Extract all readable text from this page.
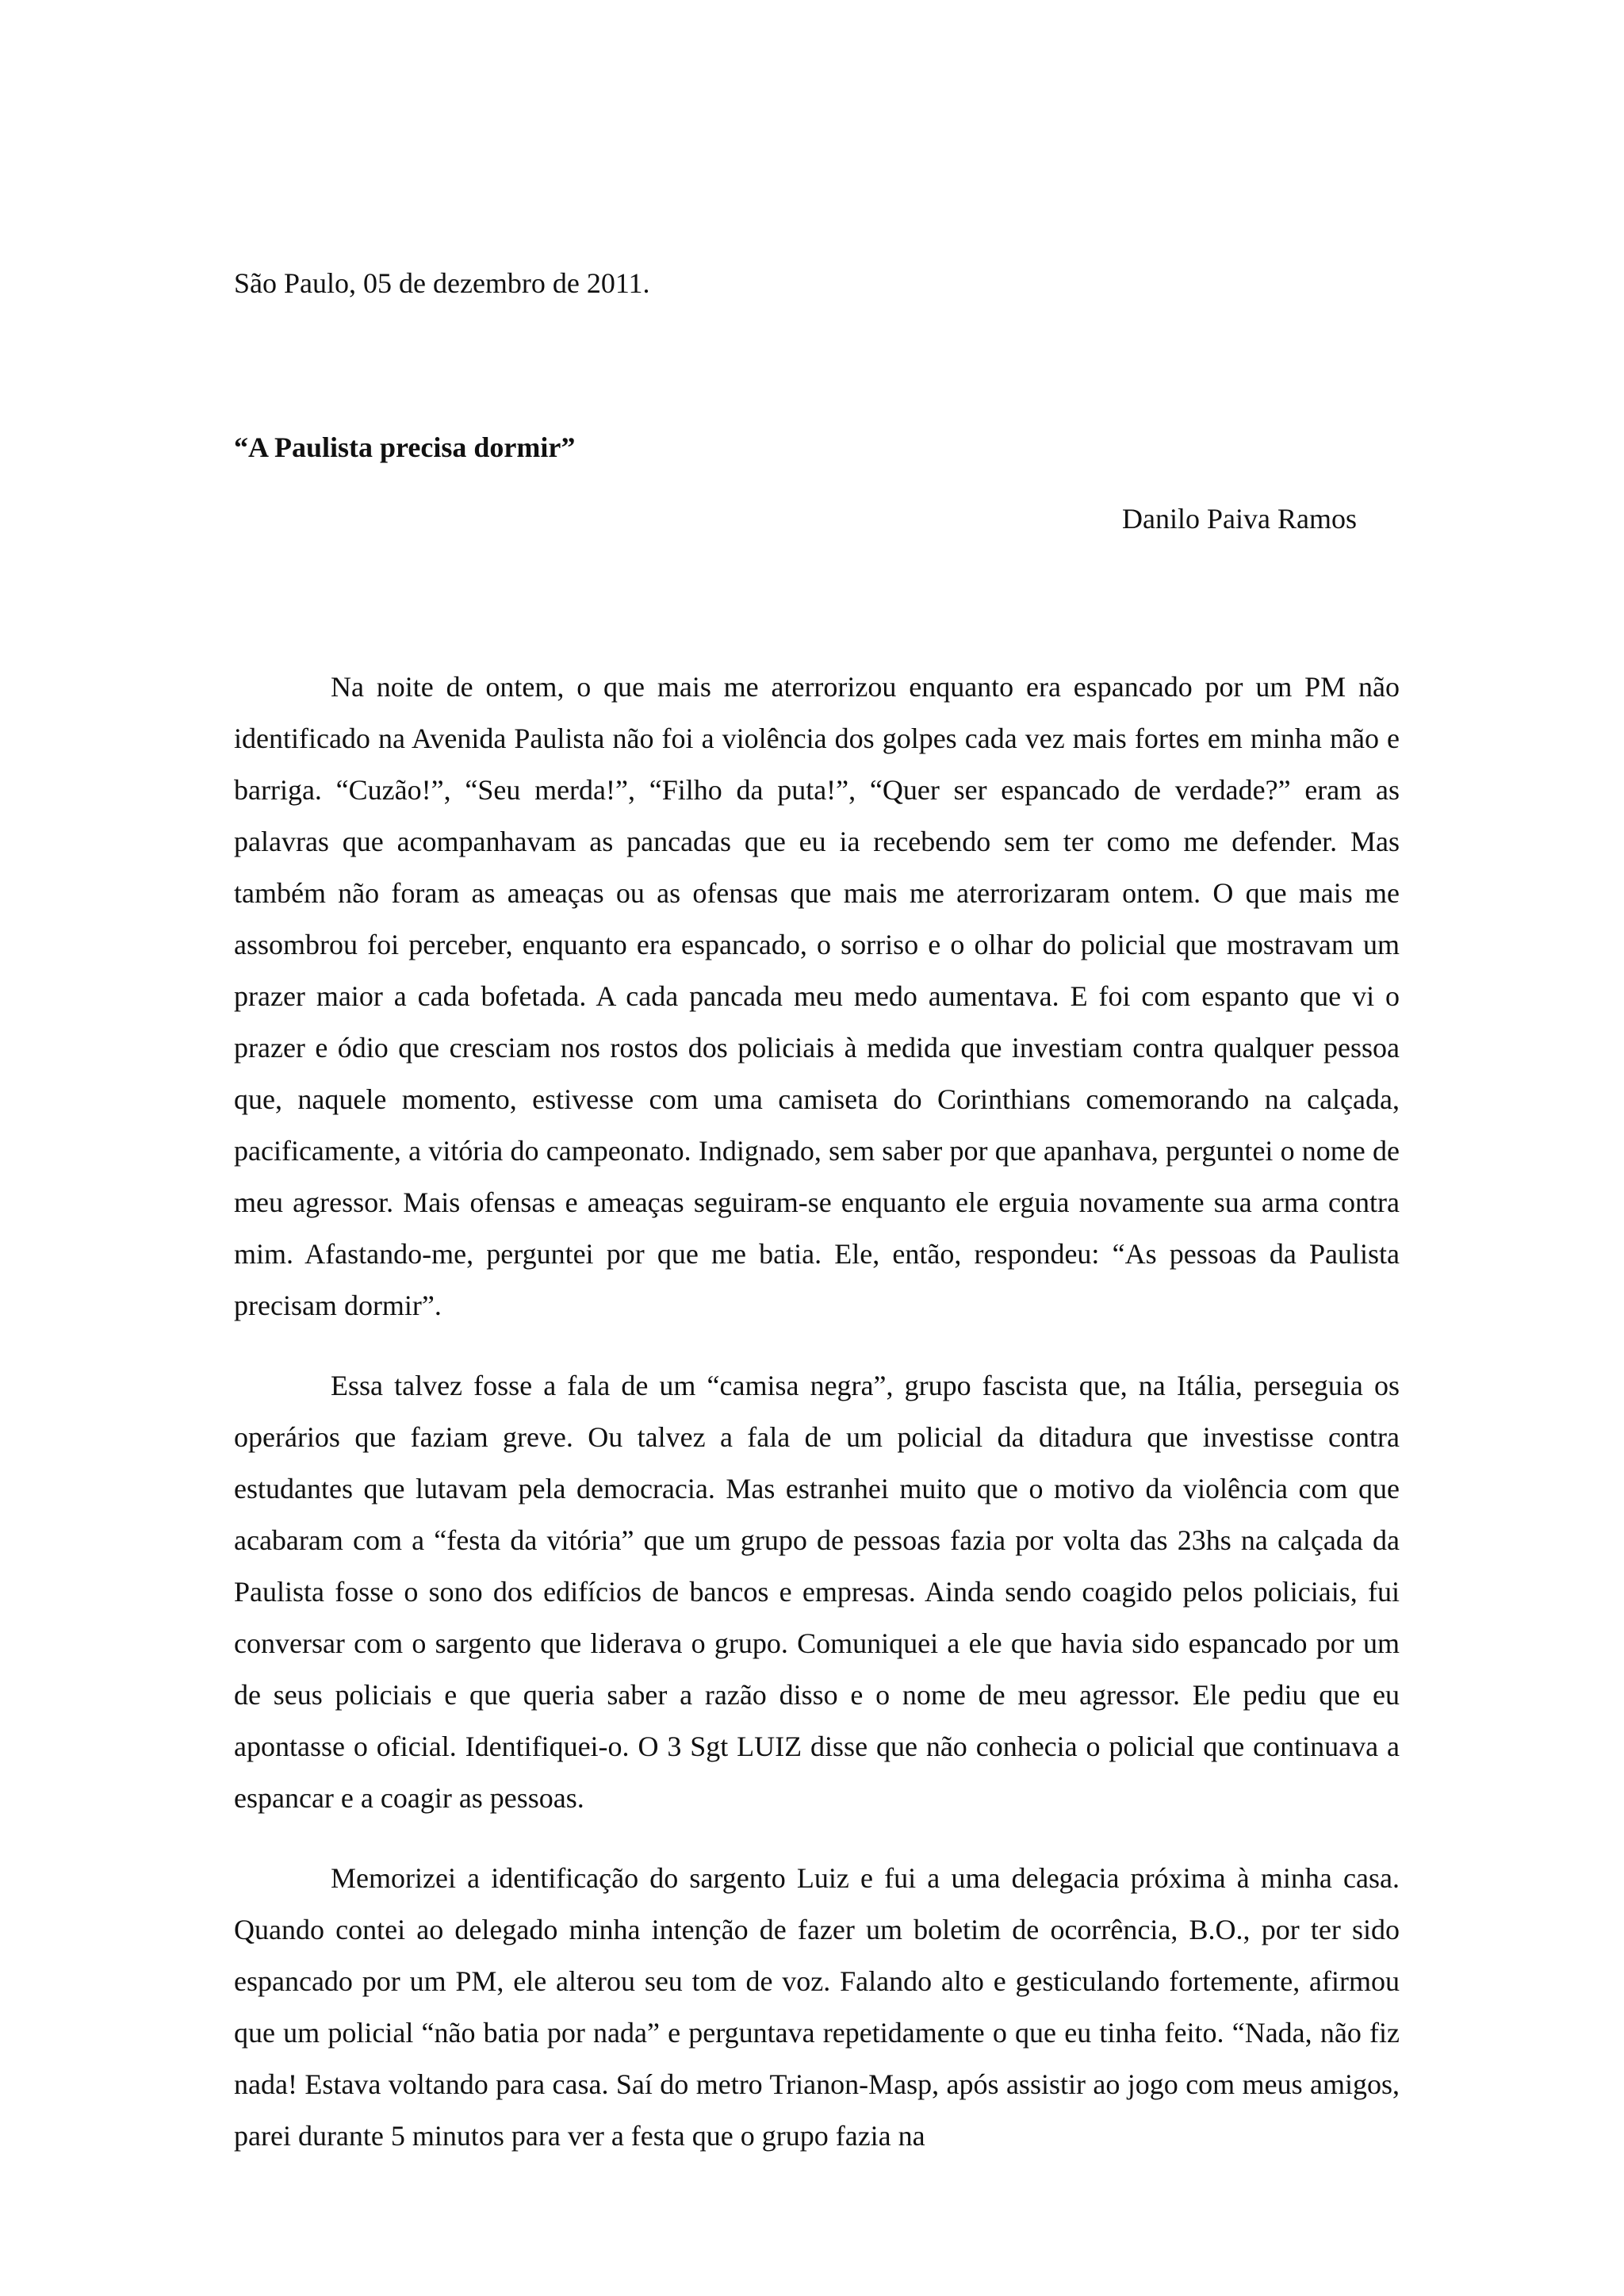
São Paulo, 05 de dezembro de 2011.

“A Paulista precisa dormir”

Danilo Paiva Ramos

Na noite de ontem, o que mais me aterrorizou enquanto era espancado por um PM não identificado na Avenida Paulista não foi a violência dos golpes cada vez mais fortes em minha mão e barriga. “Cuzão!”, “Seu merda!”, “Filho da puta!”, “Quer ser espancado de verdade?” eram as palavras que acompanhavam as pancadas que eu ia recebendo sem ter como me defender. Mas também não foram as ameaças ou as ofensas que mais me aterrorizaram ontem. O que mais me assombrou foi perceber, enquanto era espancado, o sorriso e o olhar do policial que mostravam um prazer maior a cada bofetada. A cada pancada meu medo aumentava. E foi com espanto que vi o prazer e ódio que cresciam nos rostos dos policiais à medida que investiam contra qualquer pessoa que, naquele momento, estivesse com uma camiseta do Corinthians comemorando na calçada, pacificamente, a vitória do campeonato. Indignado, sem saber por que apanhava, perguntei o nome de meu agressor. Mais ofensas e ameaças seguiram-se enquanto ele erguia novamente sua arma contra mim. Afastando-me, perguntei por que me batia. Ele, então, respondeu: “As pessoas da Paulista precisam dormir”.

Essa talvez fosse a fala de um “camisa negra”, grupo fascista que, na Itália, perseguia os operários que faziam greve. Ou talvez a fala de um policial da ditadura que investisse contra estudantes que lutavam pela democracia. Mas estranhei muito que o motivo da violência com que acabaram com a “festa da vitória” que um grupo de pessoas fazia por volta das 23hs na calçada da Paulista fosse o sono dos edifícios de bancos e empresas. Ainda sendo coagido pelos policiais, fui conversar com o sargento que liderava o grupo. Comuniquei a ele que havia sido espancado por um de seus policiais e que queria saber a razão disso e o nome de meu agressor. Ele pediu que eu apontasse o oficial. Identifiquei-o. O 3 Sgt LUIZ disse que não conhecia o policial que continuava a espancar e a coagir as pessoas.

Memorizei a identificação do sargento Luiz e fui a uma delegacia próxima à minha casa. Quando contei ao delegado minha intenção de fazer um boletim de ocorrência, B.O., por ter sido espancado por um PM, ele alterou seu tom de voz. Falando alto e gesticulando fortemente, afirmou que um policial “não batia por nada” e perguntava repetidamente o que eu tinha feito. “Nada, não fiz nada! Estava voltando para casa. Saí do metro Trianon-Masp, após assistir ao jogo com meus amigos, parei durante 5 minutos para ver a festa que o grupo fazia na
